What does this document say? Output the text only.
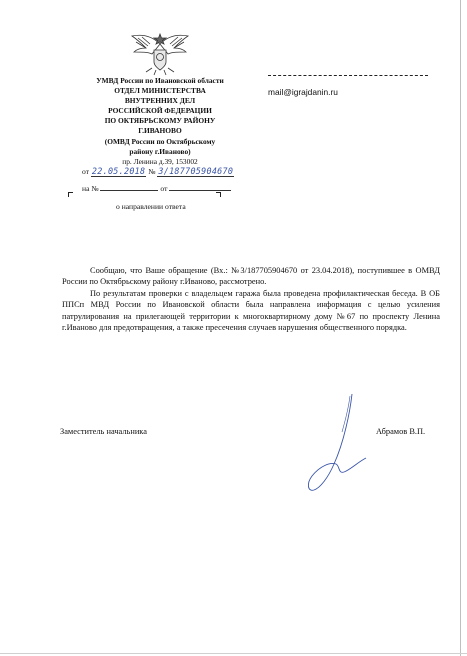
УМВД России по Ивановской области
ОТДЕЛ МИНИСТЕРСТВА
ВНУТРЕННИХ ДЕЛ
РОССИЙСКОЙ ФЕДЕРАЦИИ
ПО ОКТЯБРЬСКОМУ РАЙОНУ
Г.ИВАНОВО
(ОМВД России по Октябрьскому
району г.Иваново)
пр. Ленина д.39, 153002
mail@igrajdanin.ru
от 22.05.2018 № 3/187705904670
на №	от
о направлении ответа

Сообщаю, что Ваше обращение (Вх.: №3/187705904670 от 23.04.2018), поступившее в ОМВД России по Октябрьскому району г.Иваново, рассмотрено.

По результатам проверки с владельцем гаража была проведена профилактическая беседа. В ОБ ППСп МВД России по Ивановской области была направлена информация с целью усиления патрулирования на прилегающей территории к многоквартирному дому №67 по проспекту Ленина г.Иваново для предотвращения, а также пресечения случаев нарушения общественного порядка.

Заместитель начальника	Абрамов В.П.
